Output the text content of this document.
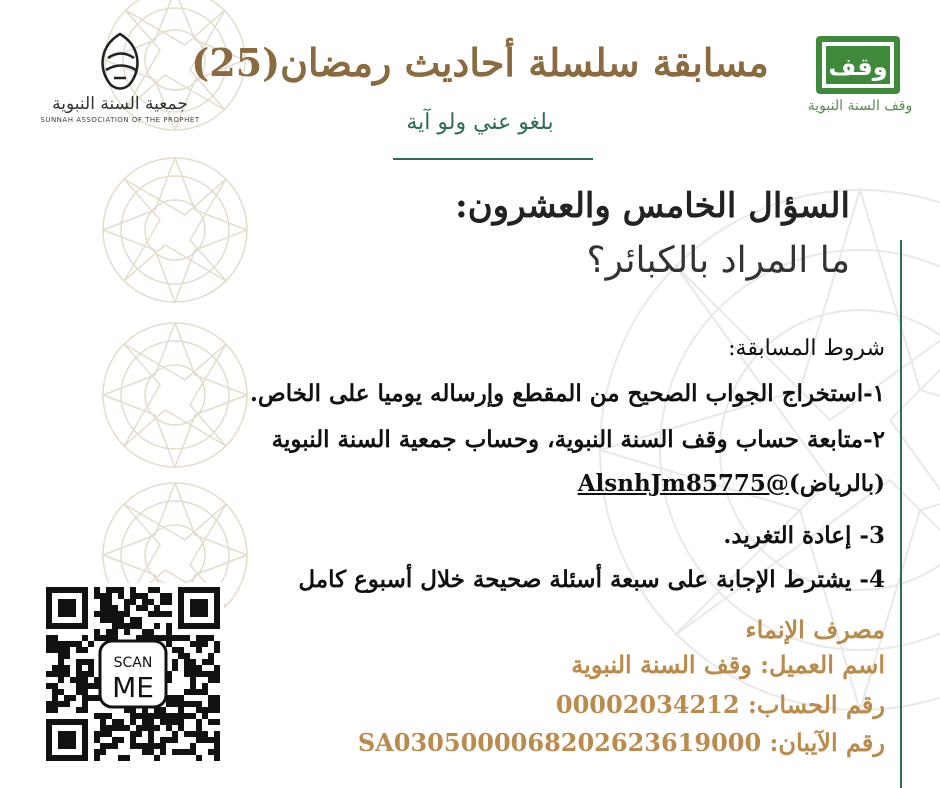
جمعية السنة النبوية
SUNNAH ASSOCIATION OF THE PROPHET
وقف
وقف السنة النبوية
مسابقة سلسلة أحاديث رمضان(25)
بلغو عني ولو آية
السؤال الخامس والعشرون:
ما المراد بالكبائر؟
شروط المسابقة:
١-استخراج الجواب الصحيح من المقطع وإرساله يوميا على الخاص.
٢-متابعة حساب وقف السنة النبوية، وحساب جمعية السنة النبوية
(بالرياض)AlsnhJm85775@
3- إعادة التغريد.
4- يشترط الإجابة على سبعة أسئلة صحيحة خلال أسبوع كامل
مصرف الإنماء
اسم العميل: وقف السنة النبوية
رقم الحساب: 00002034212
رقم الآيبان: SA0305000068202623619000
SCAN
ME
